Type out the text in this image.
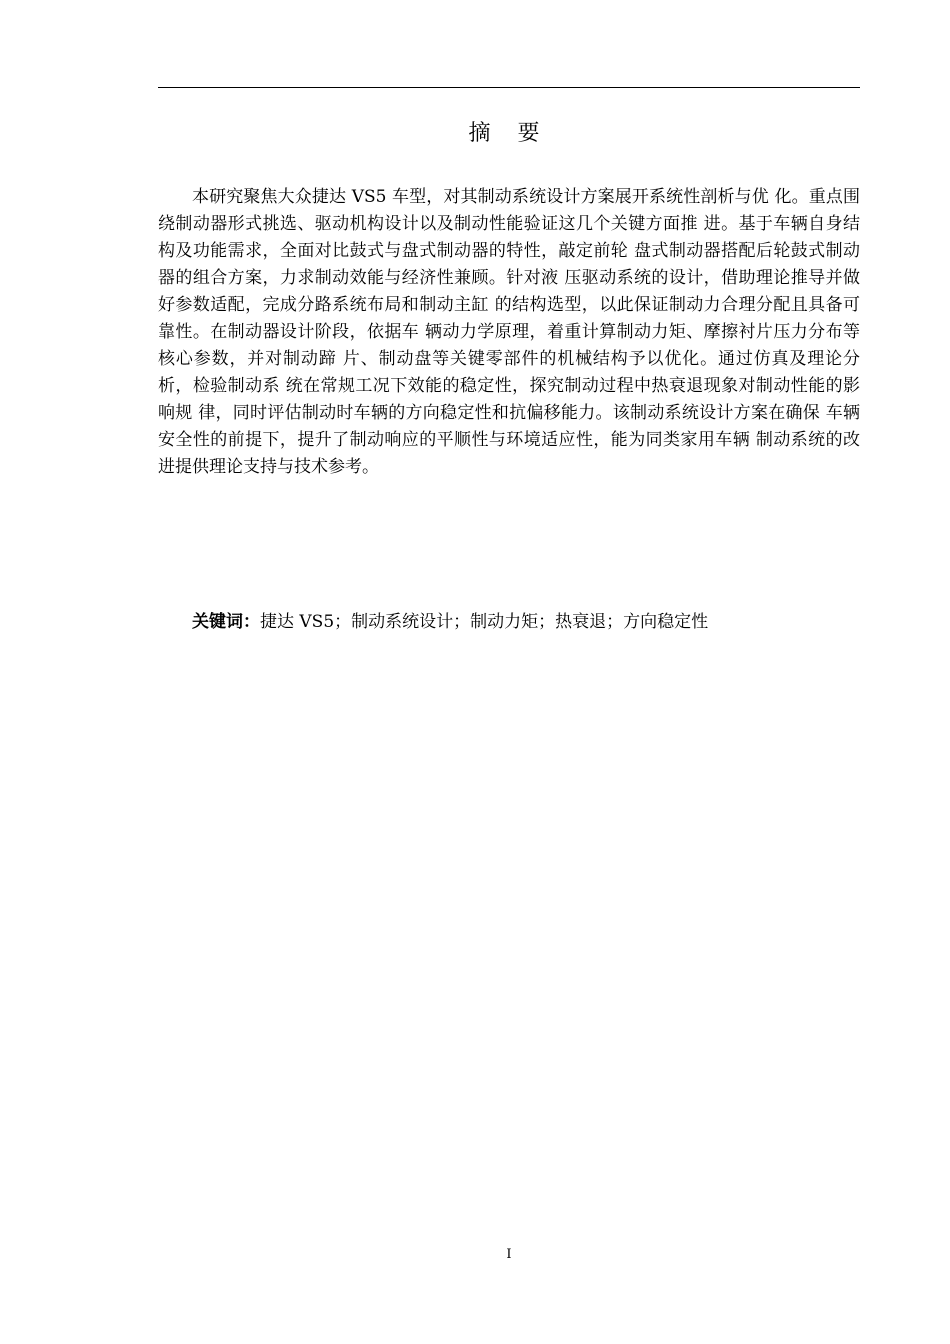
摘 要

本研究聚焦大众捷达 VS5 车型，对其制动系统设计方案展开系统性剖析与优 化。重点围绕制动器形式挑选、驱动机构设计以及制动性能验证这几个关键方面推 进。基于车辆自身结构及功能需求，全面对比鼓式与盘式制动器的特性，敲定前轮 盘式制动器搭配后轮鼓式制动器的组合方案，力求制动效能与经济性兼顾。针对液 压驱动系统的设计，借助理论推导并做好参数适配，完成分路系统布局和制动主缸 的结构选型，以此保证制动力合理分配且具备可靠性。在制动器设计阶段，依据车 辆动力学原理，着重计算制动力矩、摩擦衬片压力分布等核心参数，并对制动蹄 片、制动盘等关键零部件的机械结构予以优化。通过仿真及理论分析，检验制动系 统在常规工况下效能的稳定性，探究制动过程中热衰退现象对制动性能的影响规 律，同时评估制动时车辆的方向稳定性和抗偏移能力。该制动系统设计方案在确保 车辆安全性的前提下，提升了制动响应的平顺性与环境适应性，能为同类家用车辆 制动系统的改进提供理论支持与技术参考。

关键词：捷达 VS5；制动系统设计；制动力矩；热衰退；方向稳定性

I
